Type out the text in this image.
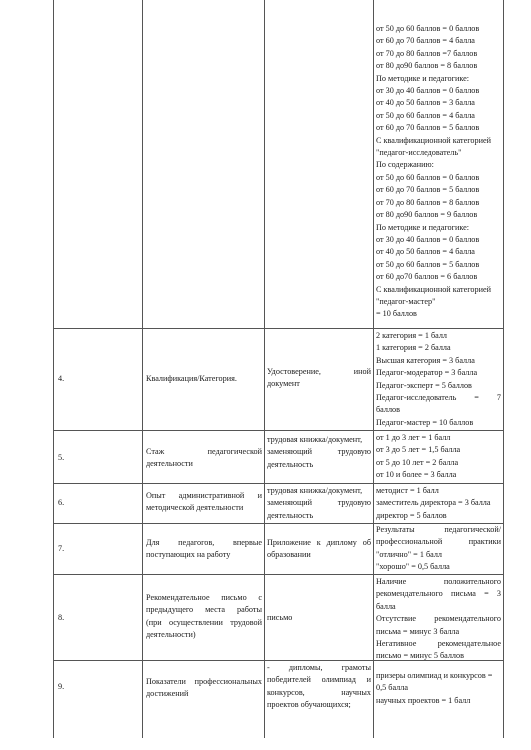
от 50 до 60 баллов = 0 баллов
от 60 до 70 баллов = 4 балла
от 70 до 80 баллов =7 баллов
от 80 до90 баллов = 8 баллов
По методике и педагогике:
от 30 до 40 баллов = 0 баллов
от 40 до 50 баллов = 3 балла
от 50 до 60 баллов = 4 балла
от 60 до 70 баллов = 5 баллов
С квалификационной категорией
"педагог-исследователь"
По содержанию:
от 50 до 60 баллов = 0 баллов
от 60 до 70 баллов = 5 баллов
от 70 до 80 баллов = 8 баллов
от 80 до90 баллов = 9 баллов
По методике и педагогике:
от 30 до 40 баллов = 0 баллов
от 40 до 50 баллов = 4 балла
от 50 до 60 баллов = 5 баллов
от 60 до70 баллов = 6 баллов
С квалификационной категорией
"педагог-мастер"
= 10 баллов
4.	Квалификация/Категория.
Удостоверение, иной
документ
2 категория = 1 балл
1 категория = 2 балла
Высшая категория = 3 балла
Педагог-модератор = 3 балла
Педагог-эксперт = 5 баллов
Педагог-исследователь = 7
баллов
Педагог-мастер = 10 баллов
5.
Стаж педагогической
деятельности
трудовая книжка/документ,
заменяющий трудовую
деятельность
от 1 до 3 лет = 1 балл
от 3 до 5 лет = 1,5 балла
от 5 до 10 лет = 2 балла
от 10 и более = 3 балла
6.
Опыт административной и
методической деятельности
трудовая книжка/документ,
заменяющий трудовую
деятельность
методист = 1 балл
заместитель директора = 3 балла
директор = 5 баллов
7.
Для педагогов, впервые
поступающих на работу
Приложение к диплому об
образовании
Результаты педагогической/
профессиональной практики
"отлично" = 1 балл
"хорошо" = 0,5 балла
8.
Рекомендательное письмо с
предыдущего места работы
(при осуществлении трудовой
деятельности)
письмо
Наличие положительного
рекомендательного письма = 3
балла
Отсутствие рекомендательного
письма = минус 3 балла
Негативное рекомендательное
письмо = минус 5 баллов
9.
Показатели профессиональных
достижений
- дипломы, грамоты
победителей олимпиад и
конкурсов, научных
проектов обучающихся;
призеры олимпиад и конкурсов =
0,5 балла
научных проектов = 1 балл
